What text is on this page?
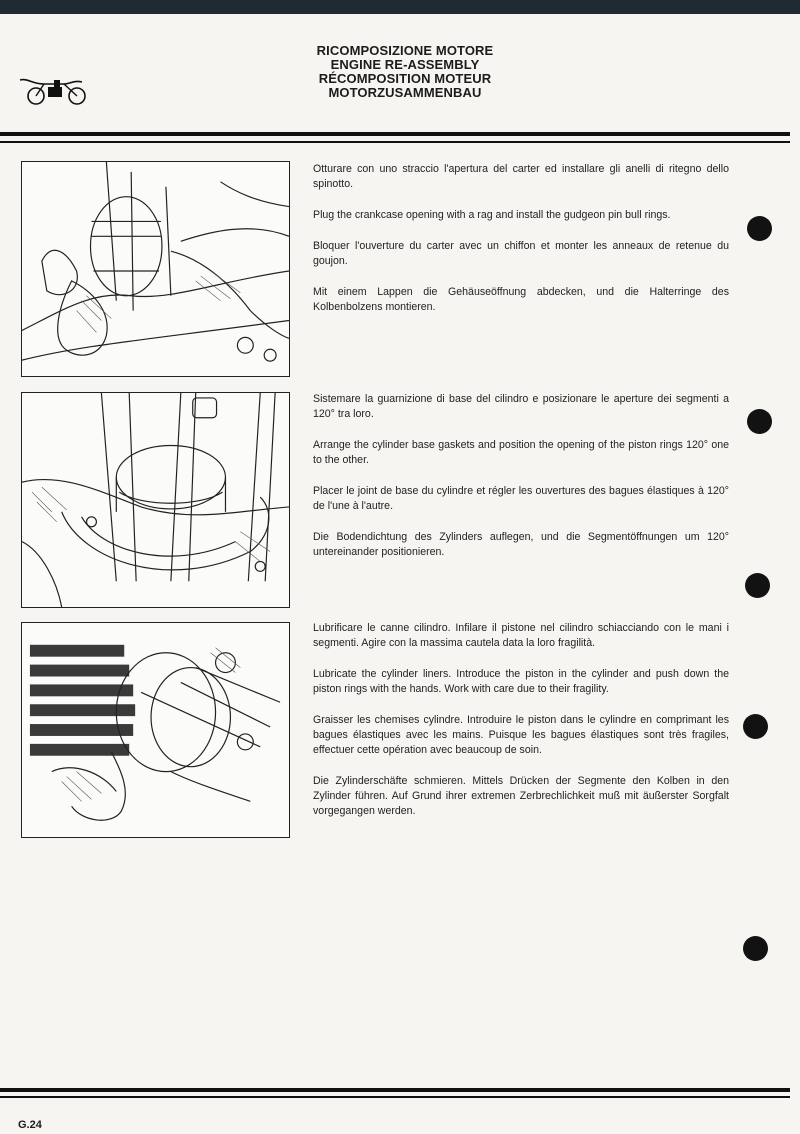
RICOMPOSIZIONE MOTORE
ENGINE RE-ASSEMBLY
RÉCOMPOSITION MOTEUR
MOTORZUSAMMENBAU

Otturare con uno straccio l'apertura del carter ed installare gli anelli di ritegno dello spinotto.

Plug the crankcase opening with a rag and install the gudgeon pin bull rings.

Bloquer l'ouverture du carter avec un chiffon et monter les anneaux de retenue du goujon.

Mit einem Lappen die Gehäuseöffnung abdecken, und die Halterringe des Kolbenbolzens montieren.

Sistemare la guarnizione di base del cilindro e posizionare le aperture dei segmenti a 120° tra loro.

Arrange the cylinder base gaskets and position the opening of the piston rings 120° one to the other.

Placer le joint de base du cylindre et régler les ouvertures des bagues élastiques à 120° de l'une à l'autre.

Die Bodendichtung des Zylinders auflegen, und die Segmentöffnungen um 120° untereinander positionieren.

Lubrificare le canne cilindro. Infilare il pistone nel cilindro schiacciando con le mani i segmenti. Agire con la massima cautela data la loro fragilità.

Lubricate the cylinder liners. Introduce the piston in the cylinder and push down the piston rings with the hands. Work with care due to their fragility.

Graisser les chemises cylindre. Introduire le piston dans le cylindre en comprimant les bagues élastiques avec les mains. Puisque les bagues élastiques sont très fragiles, effectuer cette opération avec beaucoup de soin.

Die Zylinderschäfte schmieren. Mittels Drücken der Segmente den Kolben in den Zylinder führen. Auf Grund ihrer extremen Zerbrechlichkeit muß mit äußerster Sorgfalt vorgegangen werden.

G.24
